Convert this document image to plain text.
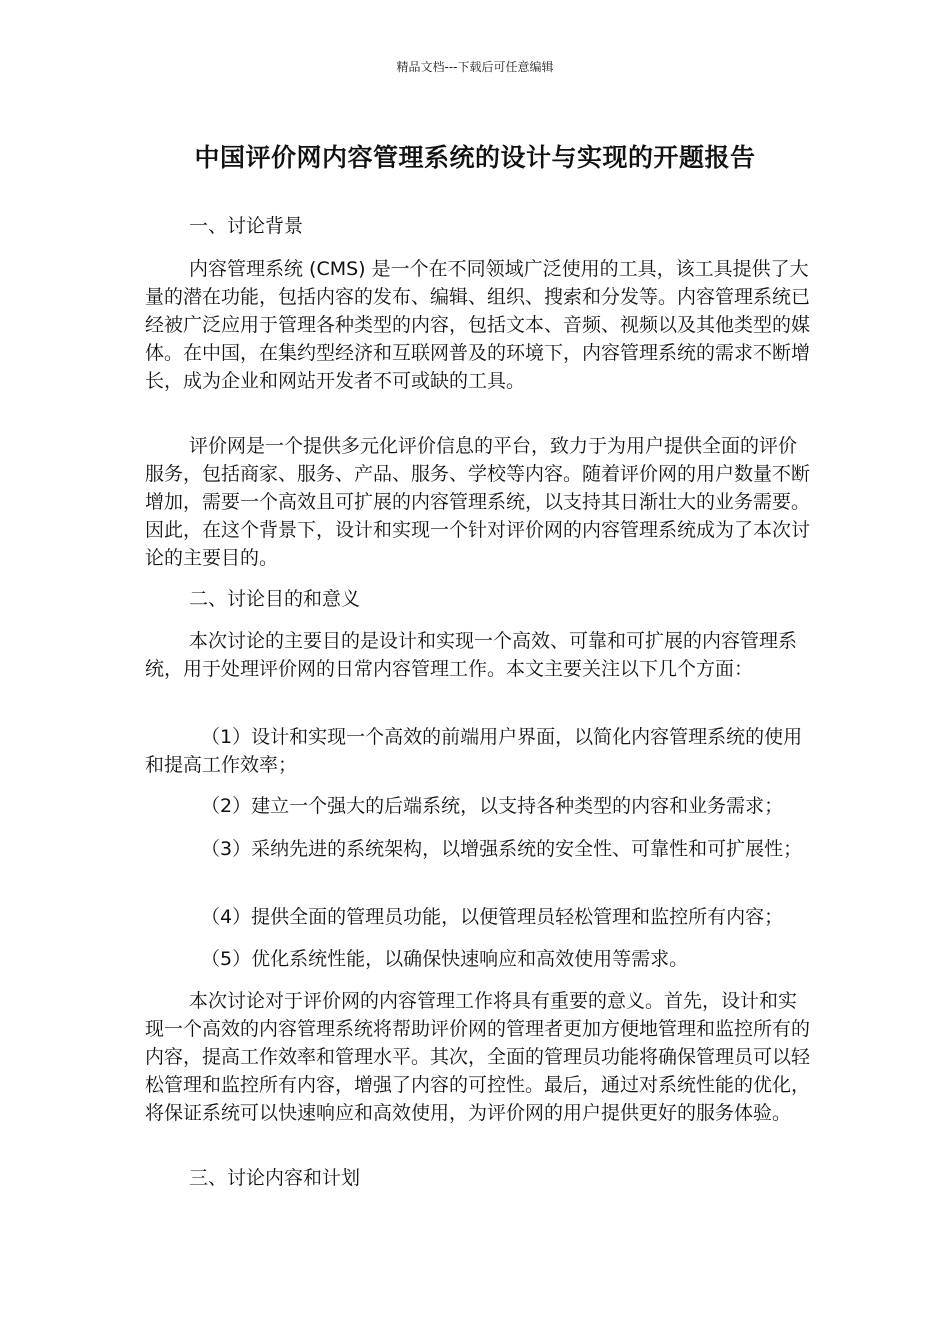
精品文档---下载后可任意编辑
中国评价网内容管理系统的设计与实现的开题报告

一、讨论背景

内容管理系统 (CMS) 是一个在不同领域广泛使用的工具，该工具提供了大量的潜在功能，包括内容的发布、编辑、组织、搜索和分发等。内容管理系统已经被广泛应用于管理各种类型的内容，包括文本、音频、视频以及其他类型的媒体。在中国，在集约型经济和互联网普及的环境下，内容管理系统的需求不断增长，成为企业和网站开发者不可或缺的工具。

评价网是一个提供多元化评价信息的平台，致力于为用户提供全面的评价服务，包括商家、服务、产品、服务、学校等内容。随着评价网的用户数量不断增加，需要一个高效且可扩展的内容管理系统，以支持其日渐壮大的业务需要。因此，在这个背景下，设计和实现一个针对评价网的内容管理系统成为了本次讨论的主要目的。

二、讨论目的和意义

本次讨论的主要目的是设计和实现一个高效、可靠和可扩展的内容管理系统，用于处理评价网的日常内容管理工作。本文主要关注以下几个方面：

（1）设计和实现一个高效的前端用户界面，以简化内容管理系统的使用和提高工作效率；

（2）建立一个强大的后端系统，以支持各种类型的内容和业务需求；

（3）采纳先进的系统架构，以增强系统的安全性、可靠性和可扩展性；

（4）提供全面的管理员功能，以便管理员轻松管理和监控所有内容；

（5）优化系统性能，以确保快速响应和高效使用等需求。

本次讨论对于评价网的内容管理工作将具有重要的意义。首先，设计和实现一个高效的内容管理系统将帮助评价网的管理者更加方便地管理和监控所有的内容，提高工作效率和管理水平。其次，全面的管理员功能将确保管理员可以轻松管理和监控所有内容，增强了内容的可控性。最后，通过对系统性能的优化，将保证系统可以快速响应和高效使用，为评价网的用户提供更好的服务体验。

三、讨论内容和计划
